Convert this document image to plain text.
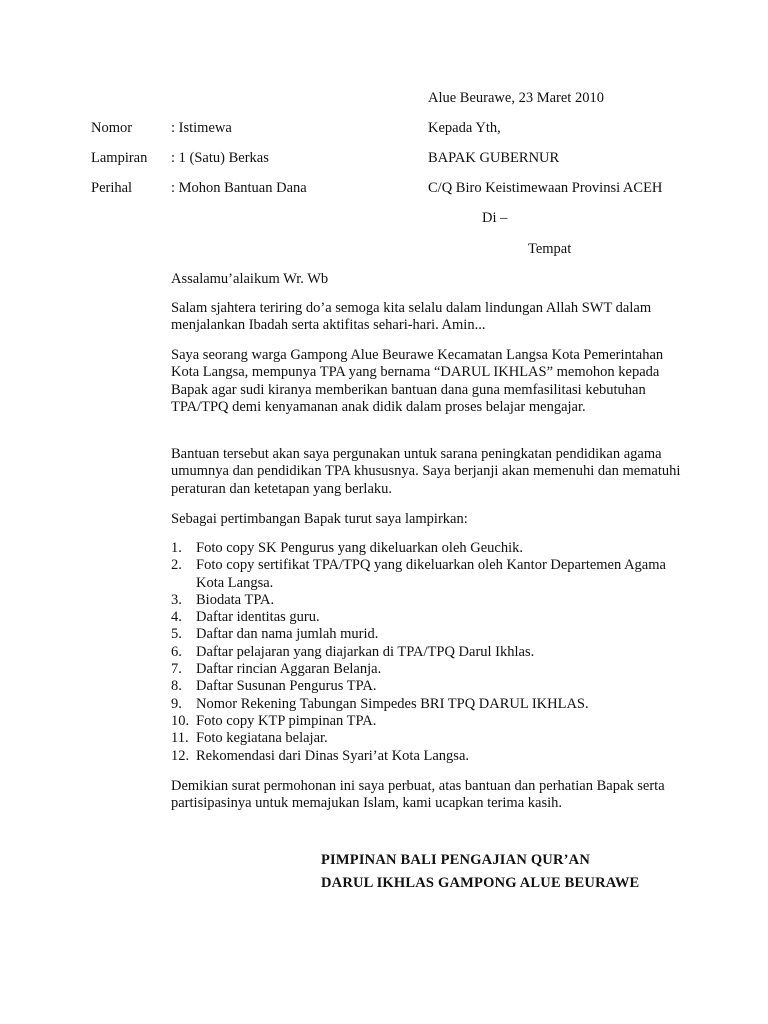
Alue Beurawe, 23 Maret 2010
Nomor	: Istimewa	Kepada Yth,
Lampiran : 1 (Satu) Berkas	BAPAK GUBERNUR
Perihal	: Mohon Bantuan Dana	C/Q Biro Keistimewaan Provinsi ACEH
Di –
Tempat

Assalamu’alaikum Wr. Wb

Salam sjahtera teriring do’a semoga kita selalu dalam lindungan Allah SWT dalam menjalankan Ibadah serta aktifitas sehari-hari. Amin...

Saya seorang warga Gampong Alue Beurawe Kecamatan Langsa Kota Pemerintahan Kota Langsa, mempunya TPA yang bernama “DARUL IKHLAS” memohon kepada Bapak agar sudi kiranya memberikan bantuan dana guna memfasilitasi kebutuhan TPA/TPQ demi kenyamanan anak didik dalam proses belajar mengajar.

Bantuan tersebut akan saya pergunakan untuk sarana peningkatan pendidikan agama umumnya dan pendidikan TPA khususnya. Saya berjanji akan memenuhi dan mematuhi peraturan dan ketetapan yang berlaku.

Sebagai pertimbangan Bapak turut saya lampirkan:

1. Foto copy SK Pengurus yang dikeluarkan oleh Geuchik.
2. Foto copy sertifikat TPA/TPQ yang dikeluarkan oleh Kantor Departemen Agama Kota Langsa.
3. Biodata TPA.
4. Daftar identitas guru.
5. Daftar dan nama jumlah murid.
6. Daftar pelajaran yang diajarkan di TPA/TPQ Darul Ikhlas.
7. Daftar rincian Aggaran Belanja.
8. Daftar Susunan Pengurus TPA.
9. Nomor Rekening Tabungan Simpedes BRI TPQ DARUL IKHLAS.
10. Foto copy KTP pimpinan TPA.
11. Foto kegiatana belajar.
12. Rekomendasi dari Dinas Syari’at Kota Langsa.

Demikian surat permohonan ini saya perbuat, atas bantuan dan perhatian Bapak serta partisipasinya untuk memajukan Islam, kami ucapkan terima kasih.

PIMPINAN BALI PENGAJIAN QUR’AN
DARUL IKHLAS GAMPONG ALUE BEURAWE
